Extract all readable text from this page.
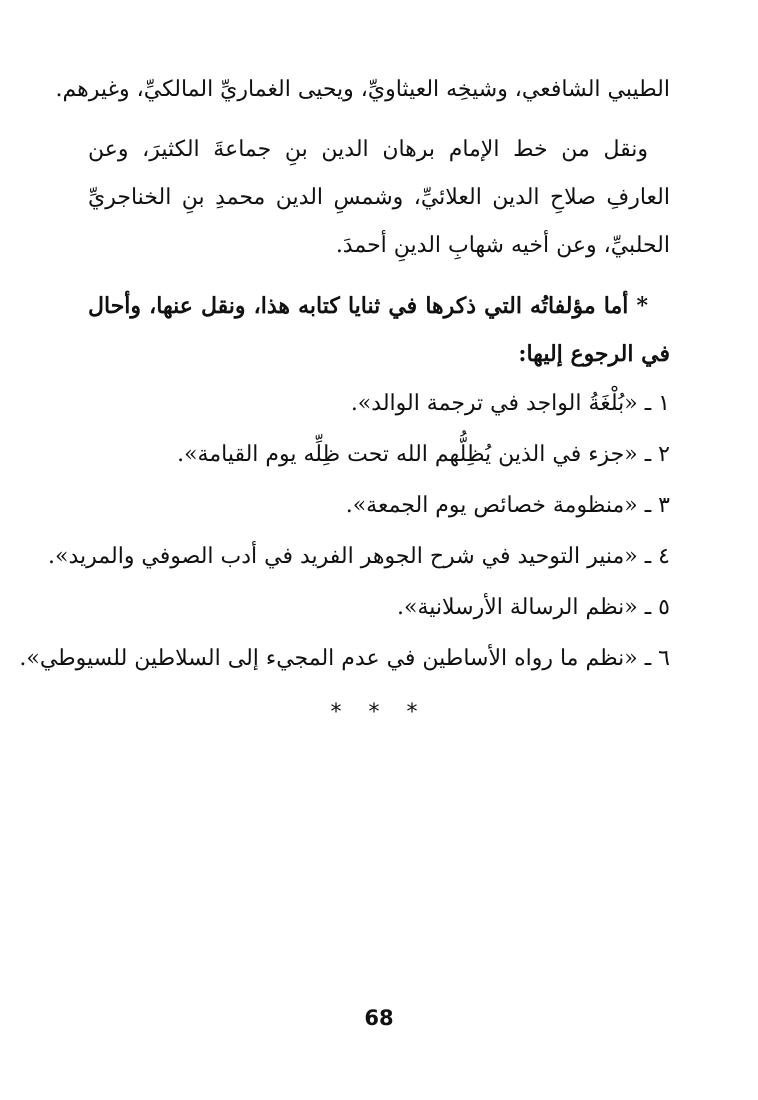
الطيبي الشافعي، وشيخِه العيثاويِّ، ويحيى الغماريِّ المالكيِّ، وغيرهم.
ونقل من خط الإمام برهان الدين بنِ جماعةَ الكثيرَ، وعن
العارفِ صلاحِ الدين العلائيِّ، وشمسِ الدين محمدِ بنِ الخناجريِّ
الحلبيِّ، وعن أخيه شهابِ الدينِ أحمدَ.
* أما مؤلفاتُه التي ذكرها في ثنايا كتابه هذا، ونقل عنها، وأحال
في الرجوع إليها:
١ ـ «بُلْغَةُ الواجد في ترجمة الوالد».
٢ ـ «جزء في الذين يُظِلُّهم الله تحت ظِلِّه يوم القيامة».
٣ ـ «منظومة خصائص يوم الجمعة».
٤ ـ «منير التوحيد في شرح الجوهر الفريد في أدب الصوفي والمريد».
٥ ـ «نظم الرسالة الأرسلانية».
٦ ـ «نظم ما رواه الأساطين في عدم المجيء إلى السلاطين للسيوطي».
* * *
68
